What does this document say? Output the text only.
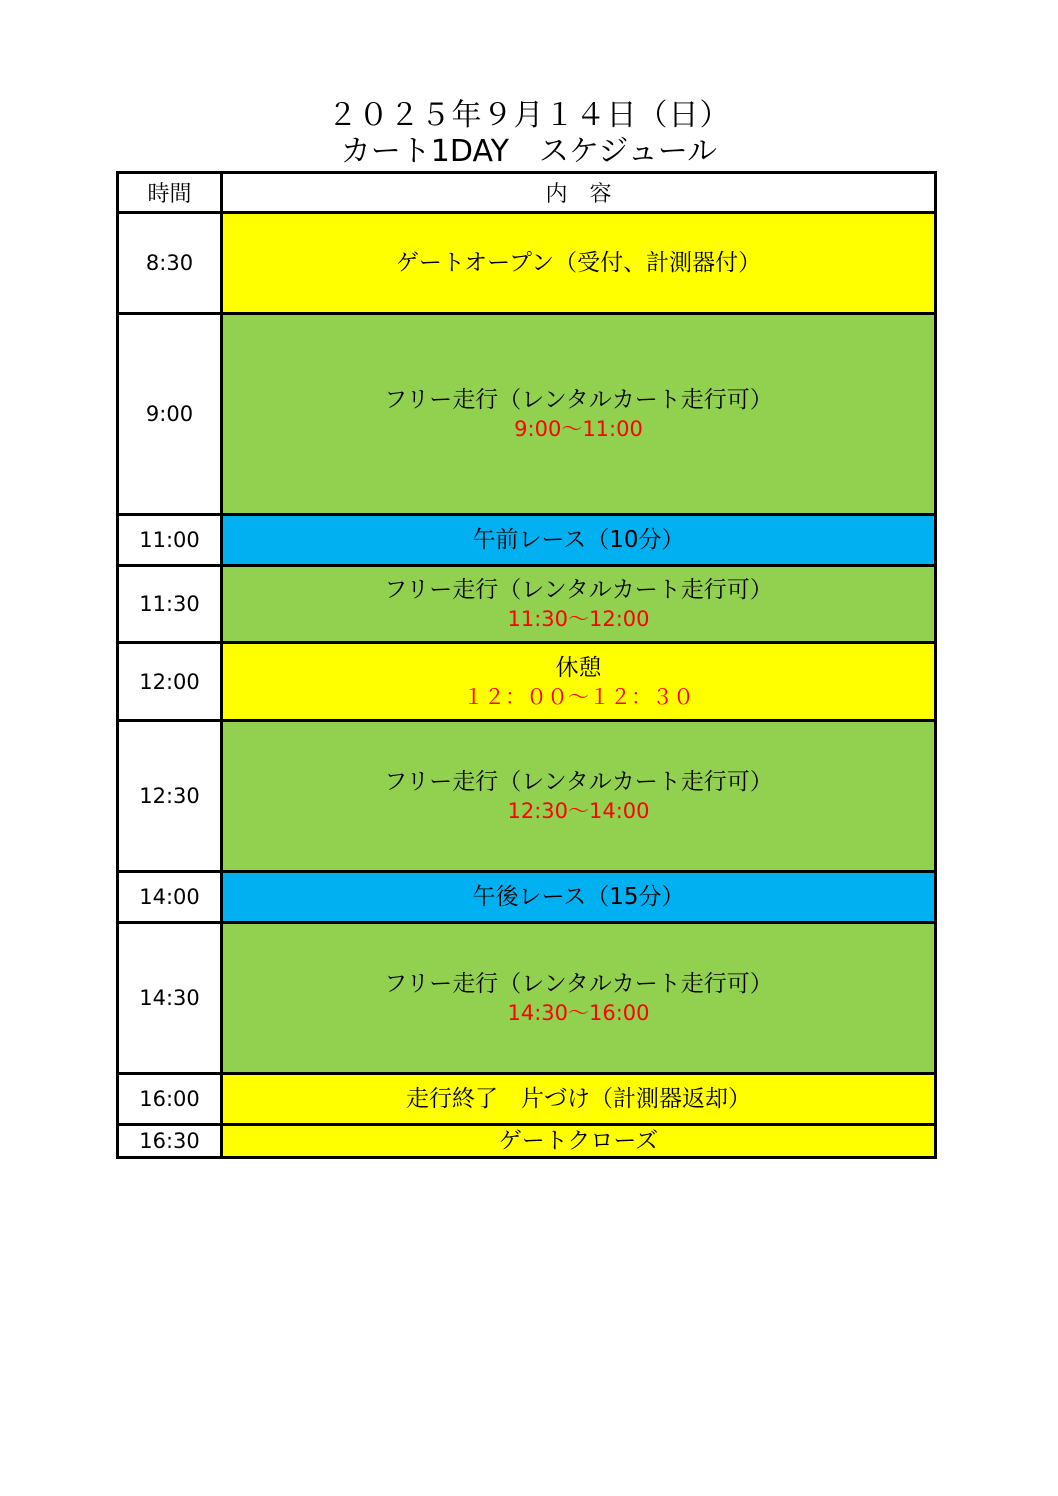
２０２５年９月１４日（日）
カート1DAY　スケジュール
時間	内　容
8:30	ゲートオープン（受付、計測器付）

9:00	フリー走行（レンタルカート走行可）
9:00～11:00

11:00	午前レース（10分）

11:30	フリー走行（レンタルカート走行可）
11:30～12:00

12:00	休憩
１２：００～１２：３０

12:30	フリー走行（レンタルカート走行可）
12:30～14:00

14:00	午後レース（15分）

14:30	フリー走行（レンタルカート走行可）
14:30～16:00

16:00	走行終了　片づけ（計測器返却）

16:30	ゲートクローズ
